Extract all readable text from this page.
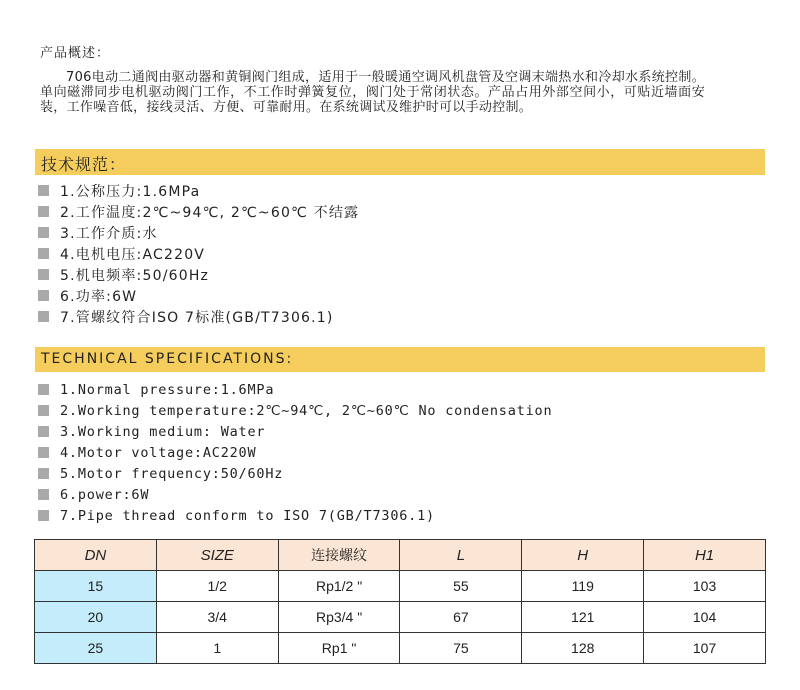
产品概述：
706电动二通阀由驱动器和黄铜阀门组成，适用于一般暖通空调风机盘管及空调末端热水和冷却水系统控制。单向磁滞同步电机驱动阀门工作，不工作时弹簧复位，阀门处于常闭状态。产品占用外部空间小，可贴近墙面安装，工作噪音低，接线灵活、方便、可靠耐用。在系统调试及维护时可以手动控制。
技术规范：
1.公称压力:1.6MPa
2.工作温度:2℃~94℃, 2℃~60℃ 不结露
3.工作介质:水
4.电机电压:AC220V
5.机电频率:50/60Hz
6.功率:6W
7.管螺纹符合ISO 7标准(GB/T7306.1)
TECHNICAL SPECIFICATIONS:
1.Normal pressure:1.6MPa
2.Working temperature:2℃~94℃, 2℃~60℃ No condensation
3.Working medium: Water
4.Motor voltage:AC220W
5.Motor frequency:50/60Hz
6.power:6W
7.Pipe thread conform to ISO 7(GB/T7306.1)
DN	SIZE	连接螺纹	L	H	H1
15	1/2	Rp1/2 "	55	119	103
20	3/4	Rp3/4 "	67	121	104
25	1	Rp1 "	75	128	107
